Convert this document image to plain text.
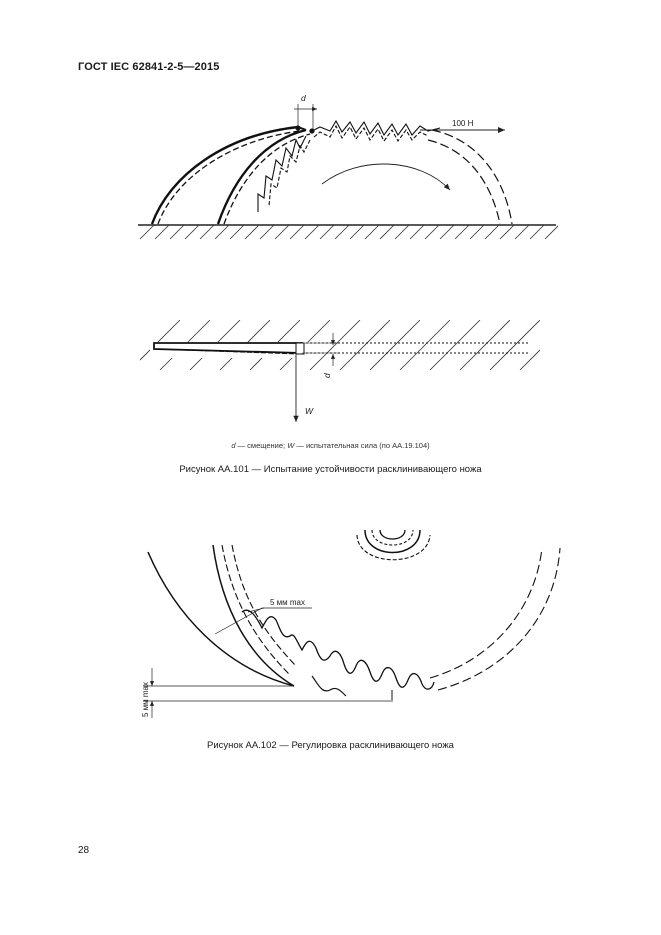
ГОСТ IEC 62841-2-5—2015
100 Н
d
d
W
5 мм max
5 мм max
d — смещение; W — испытательная сила (по АА.19.104)
Рисунок АА.101 — Испытание устойчивости расклинивающего ножа
Рисунок АА.102 — Регулировка расклинивающего ножа
28
